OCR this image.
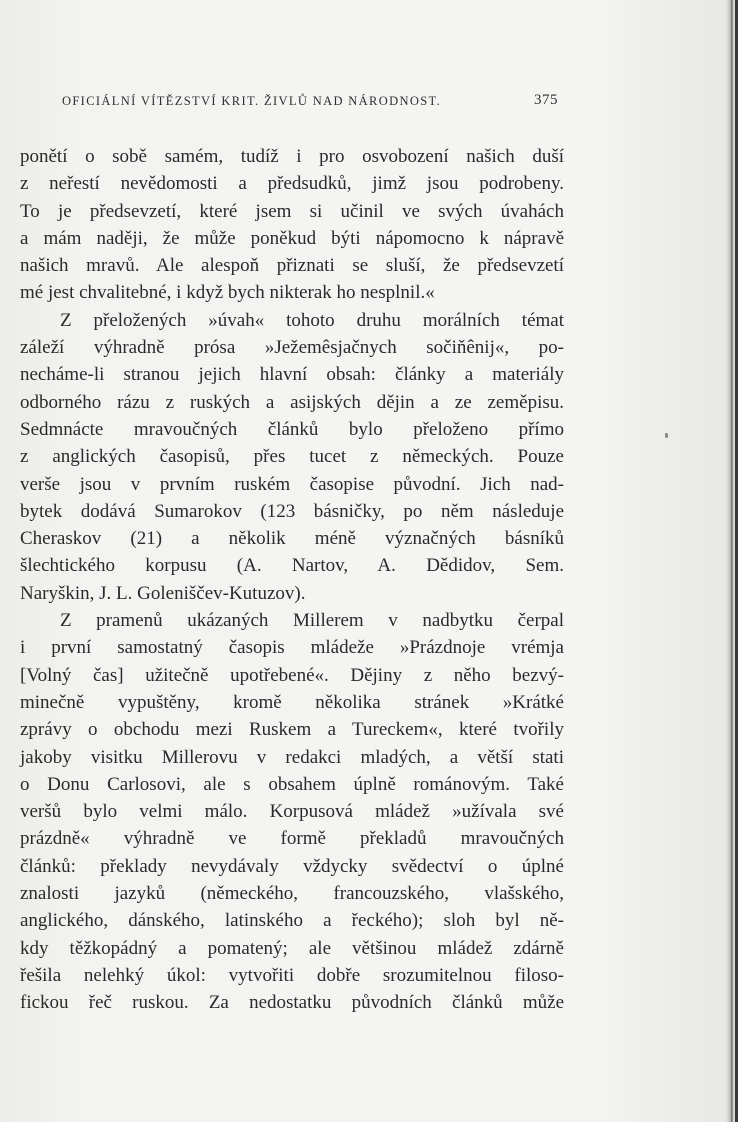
OFICIÁLNÍ VÍTĚZSTVÍ KRIT. ŽIVLŮ NAD NÁRODNOST.	375
ponětí o sobě samém, tudíž i pro osvobození našich duší
z neřestí nevědomosti a předsudků, jimž jsou podrobeny.
To je předsevzetí, které jsem si učinil ve svých úvahách
a mám naději, že může poněkud býti nápomocno k nápravě
našich mravů. Ale alespoň přiznati se sluší, že předsevzetí
mé jest chvalitebné, i když bych nikterak ho nesplnil.«
Z přeložených »úvah« tohoto druhu morálních témat
záleží výhradně prósa »Ježemêsjačnych sočiňênij«, po-
necháme-li stranou jejich hlavní obsah: články a materiály
odborného rázu z ruských a asijských dějin a ze zeměpisu.
Sedmnácte mravoučných článků bylo přeloženo přímo
z anglických časopisů, přes tucet z německých. Pouze
verše jsou v prvním ruském časopise původní. Jich nad-
bytek dodává Sumarokov (123 básničky, po něm následuje
Cheraskov (21) a několik méně význačných básníků
šlechtického korpusu (A. Nartov, A. Dědidov, Sem.
Naryškin, J. L. Goleniščev-Kutuzov).
Z pramenů ukázaných Millerem v nadbytku čerpal
i první samostatný časopis mládeže »Prázdnoje vrémja
[Volný čas] užitečně upotřebené«. Dějiny z něho bezvý-
minečně vypuštěny, kromě několika stránek »Krátké
zprávy o obchodu mezi Ruskem a Tureckem«, které tvořily
jakoby visitku Millerovu v redakci mladých, a větší stati
o Donu Carlosovi, ale s obsahem úplně románovým. Také
veršů bylo velmi málo. Korpusová mládež »užívala své
prázdně« výhradně ve formě překladů mravoučných
článků: překlady nevydávaly vždycky svědectví o úplné
znalosti jazyků (německého, francouzského, vlašského,
anglického, dánského, latinského a řeckého); sloh byl ně-
kdy těžkopádný a pomatený; ale většinou mládež zdárně
řešila nelehký úkol: vytvořiti dobře srozumitelnou filoso-
fickou řeč ruskou. Za nedostatku původních článků může
